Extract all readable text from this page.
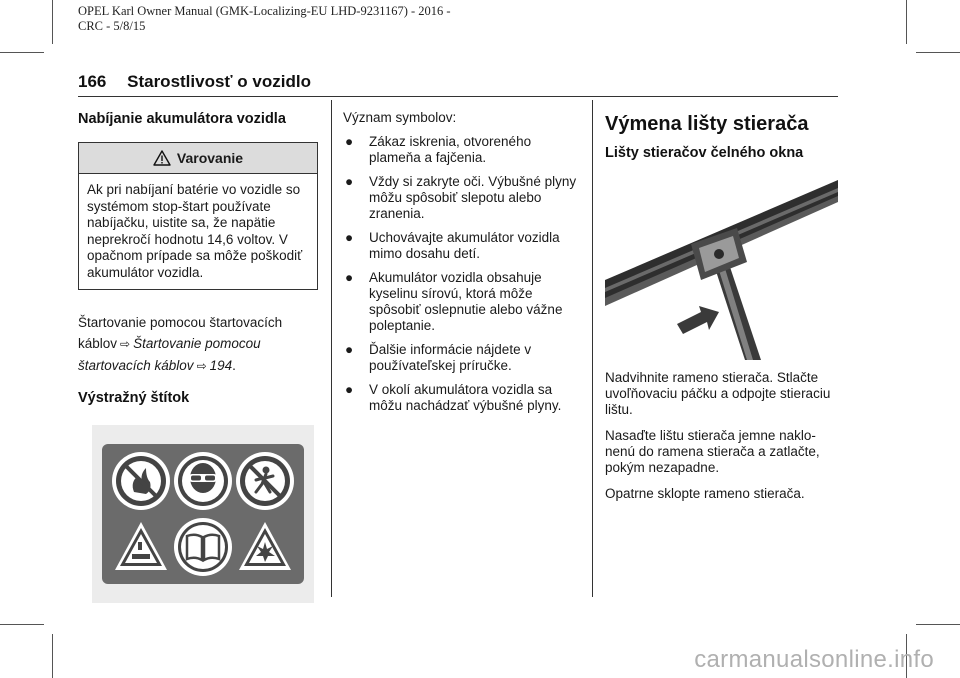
OPEL Karl Owner Manual (GMK-Localizing-EU LHD-9231167) - 2016 -
CRC - 5/8/15
166 Starostlivosť o vozidlo
Nabíjanie akumulátora vozidla
Varovanie
Ak pri nabíjaní batérie vo vozidle so systémom stop-štart používate nabíjačku, uistite sa, že napätie neprekročí hodnotu 14,6 voltov. V opačnom prípade sa môže poškodiť akumulátor vozidla.

Štartovanie pomocou štartovacích káblov ⇨ Štartovanie pomocou štartovacích káblov ⇨ 194.

Výstražný štítok

Význam symbolov:

●	Zákaz iskrenia, otvoreného plameňa a fajčenia.
●	Vždy si zakryte oči. Výbušné plyny môžu spôsobiť slepotu alebo zranenia.
●	Uchovávajte akumulátor vozidla mimo dosahu detí.
●	Akumulátor vozidla obsahuje kyselinu sírovú, ktorá môže spôsobiť oslepnutie alebo vážne poleptanie.
●	Ďalšie informácie nájdete v používateľskej príručke.
●	V okolí akumulátora vozidla sa môžu nachádzať výbušné plyny.
Výmena lišty stierača
Lišty stieračov čelného okna

Nadvihnite rameno stierača. Stlačte uvoľňovaciu páčku a odpojte stieraciu lištu.

Nasaďte lištu stierača jemne naklo-nenú do ramena stierača a zatlačte, pokým nezapadne.

Opatrne sklopte rameno stierača.

carmanualsonline.info
